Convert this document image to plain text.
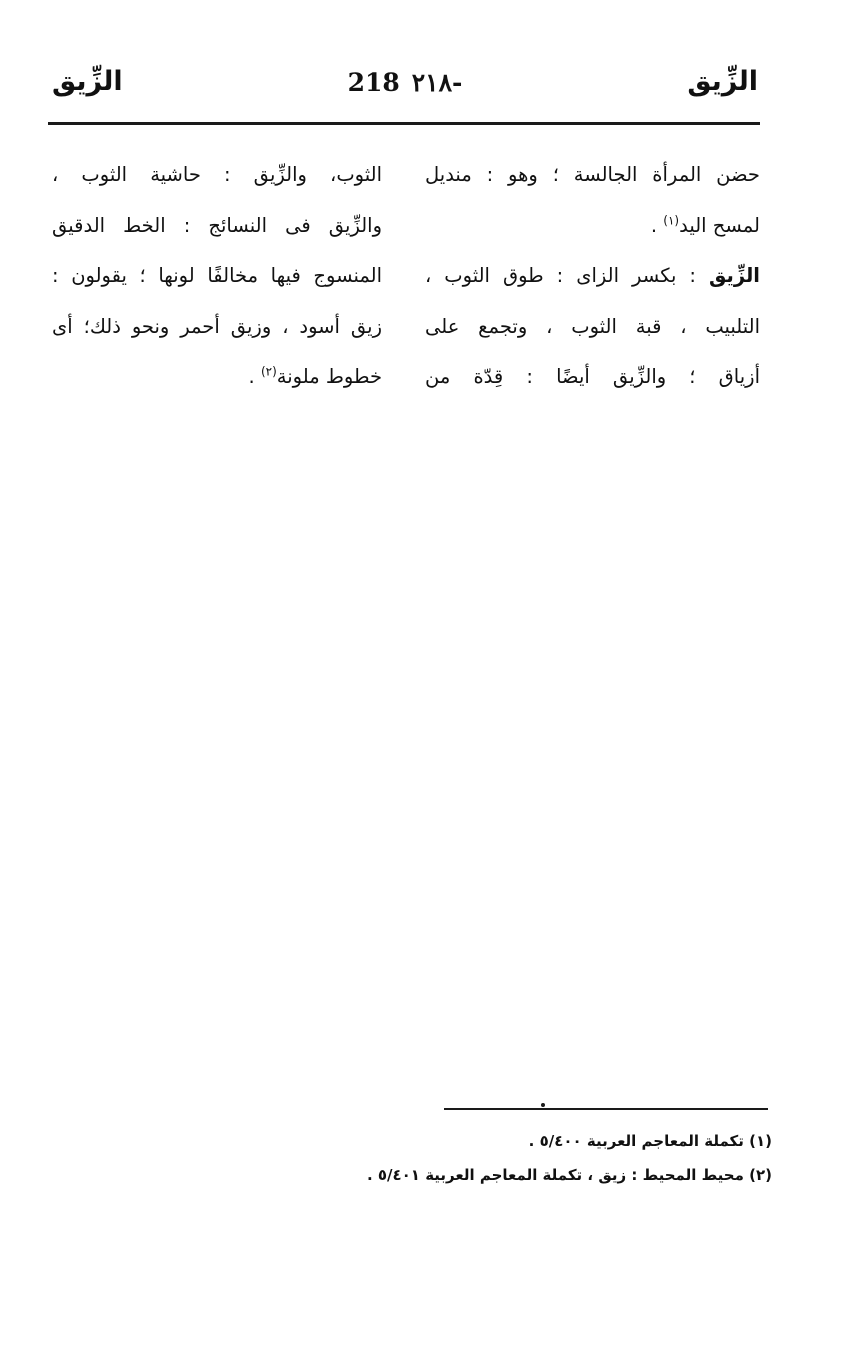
الزِّيق
218 ٢١٨-
الزِّيق
حضن المرأة الجالسة ؛ وهو : منديل
لمسح اليد$^{(١)}$ .
الزِّيق : بكسر الزاى : طوق الثوب ،
التلبيب ، قبة الثوب ، وتجمع على
أزياق ؛ والزِّيق أيضًا : قِدّة من
الثوب، والزِّيق : حاشية الثوب ،
والزِّيق فى النسائج : الخط الدقيق
المنسوج فيها مخالفًا لونها ؛ يقولون :
زيق أسود ، وزيق أحمر ونحو ذلك؛ أى
خطوط ملونة$^{(٢)}$ .
(١) تكملة المعاجم العربية ٥/٤٠٠ .
(٢) محيط المحيط : زيق ، تكملة المعاجم العربية ٥/٤٠١ .
